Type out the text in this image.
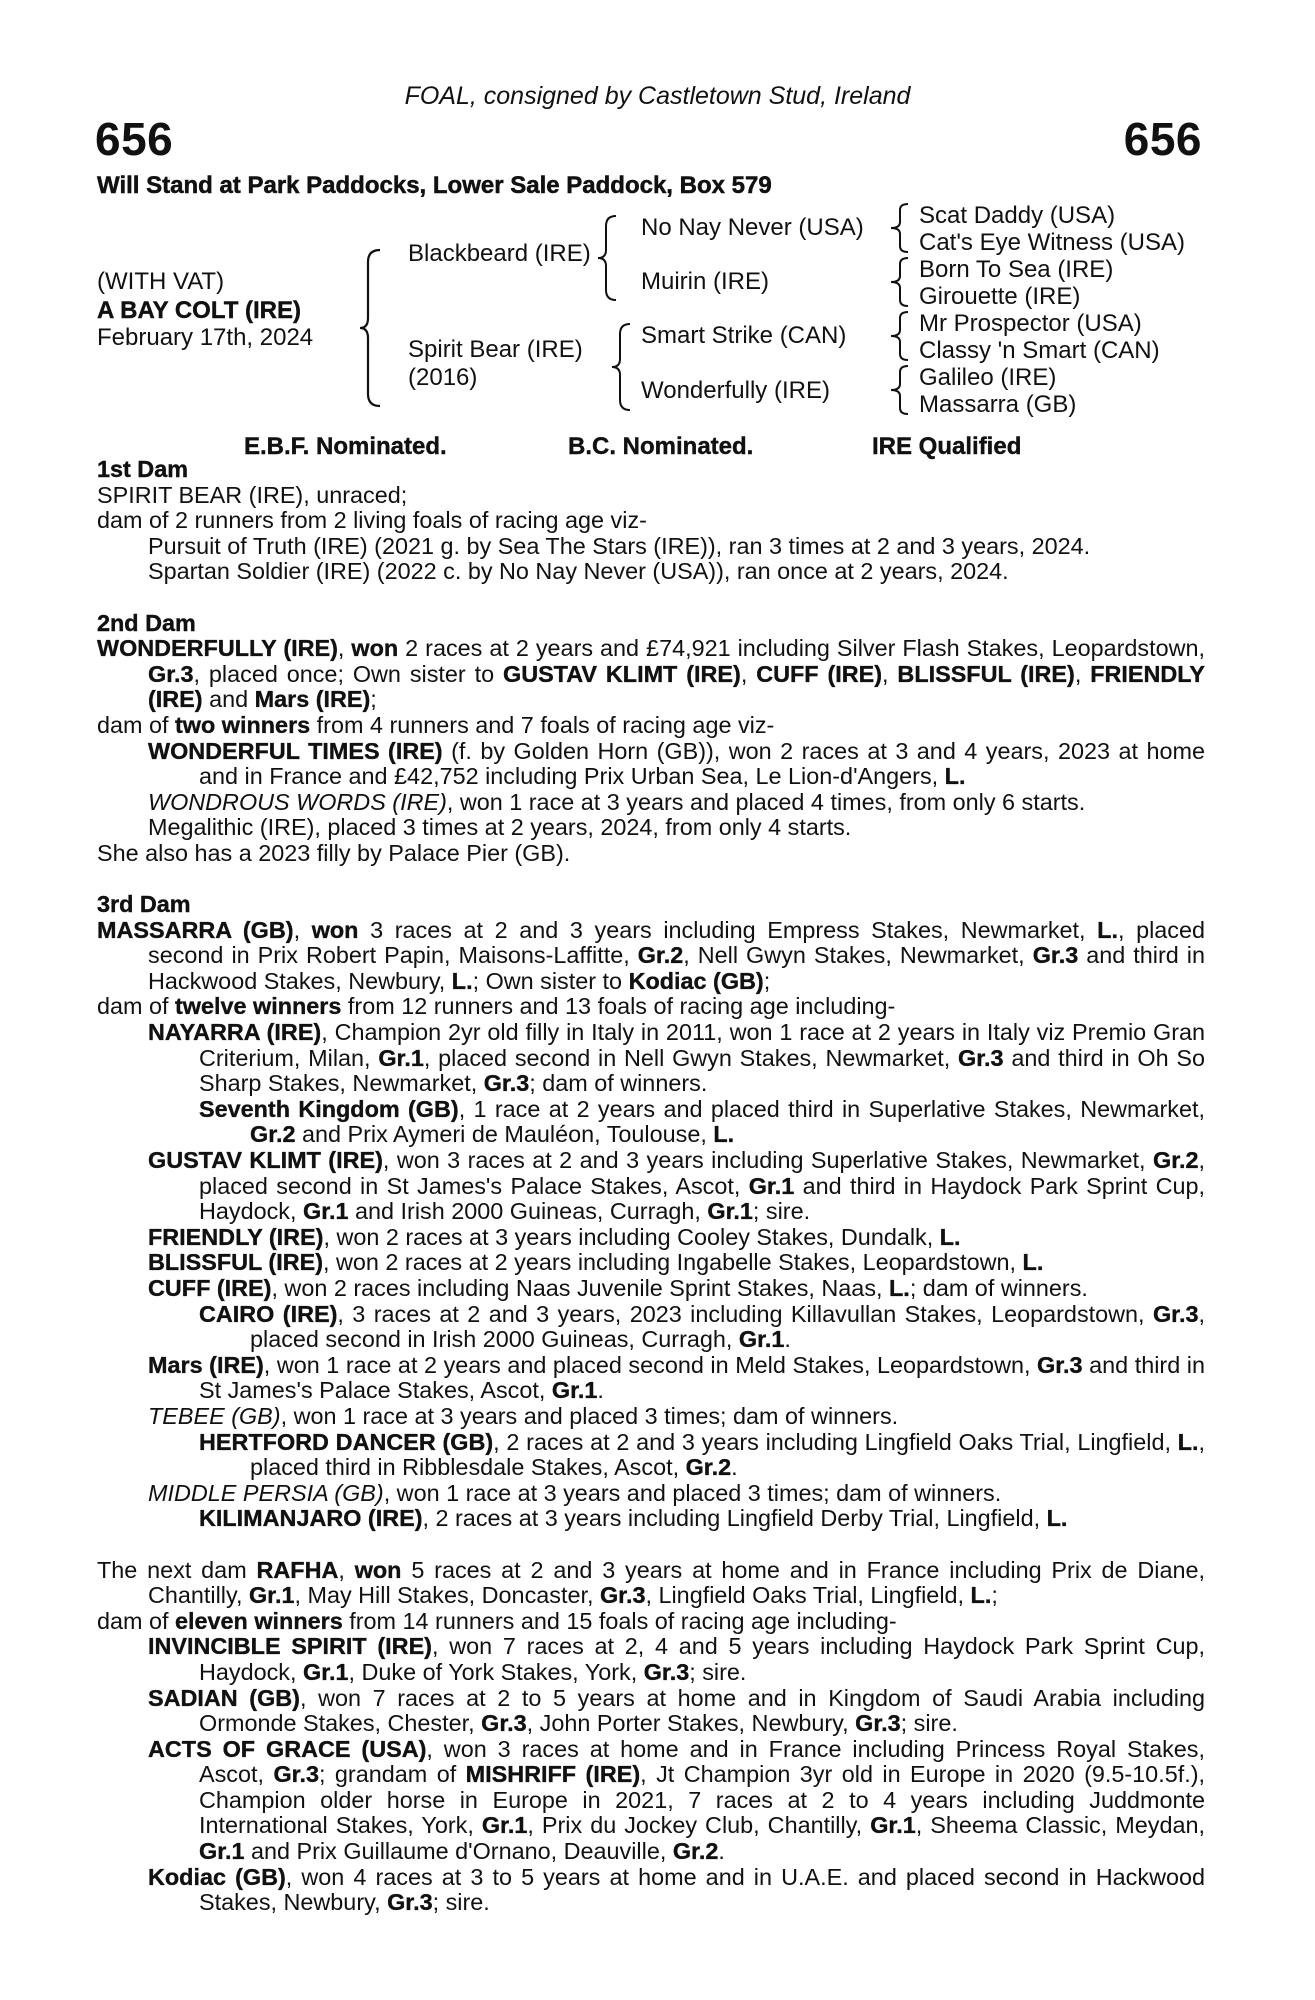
FOAL, consigned by Castletown Stud, Ireland
656	656
Will Stand at Park Paddocks, Lower Sale Paddock, Box 579
(WITH VAT)
A BAY COLT (IRE)
February 17th, 2024
Blackbeard (IRE)
Spirit Bear (IRE)
(2016)
No Nay Never (USA)
Muirin (IRE)
Smart Strike (CAN)
Wonderfully (IRE)
Scat Daddy (USA)
Cat's Eye Witness (USA)
Born To Sea (IRE)
Girouette (IRE)
Mr Prospector (USA)
Classy 'n Smart (CAN)
Galileo (IRE)
Massarra (GB)
E.B.F. Nominated.	B.C. Nominated.	IRE Qualified

1st Dam

SPIRIT BEAR (IRE), unraced;

dam of 2 runners from 2 living foals of racing age viz-

Pursuit of Truth (IRE) (2021 g. by Sea The Stars (IRE)), ran 3 times at 2 and 3 years, 2024.

Spartan Soldier (IRE) (2022 c. by No Nay Never (USA)), ran once at 2 years, 2024.

2nd Dam

WONDERFULLY (IRE), won 2 races at 2 years and £74,921 including Silver Flash Stakes, Leopardstown, Gr.3, placed once; Own sister to GUSTAV KLIMT (IRE), CUFF (IRE), BLISSFUL (IRE), FRIENDLY (IRE) and Mars (IRE);

dam of two winners from 4 runners and 7 foals of racing age viz-

WONDERFUL TIMES (IRE) (f. by Golden Horn (GB)), won 2 races at 3 and 4 years, 2023 at home and in France and £42,752 including Prix Urban Sea, Le Lion-d'Angers, L.

WONDROUS WORDS (IRE), won 1 race at 3 years and placed 4 times, from only 6 starts.

Megalithic (IRE), placed 3 times at 2 years, 2024, from only 4 starts.

She also has a 2023 filly by Palace Pier (GB).

3rd Dam

MASSARRA (GB), won 3 races at 2 and 3 years including Empress Stakes, Newmarket, L., placed second in Prix Robert Papin, Maisons-Laffitte, Gr.2, Nell Gwyn Stakes, Newmarket, Gr.3 and third in Hackwood Stakes, Newbury, L.; Own sister to Kodiac (GB);

dam of twelve winners from 12 runners and 13 foals of racing age including-

NAYARRA (IRE), Champion 2yr old filly in Italy in 2011, won 1 race at 2 years in Italy viz Premio Gran Criterium, Milan, Gr.1, placed second in Nell Gwyn Stakes, Newmarket, Gr.3 and third in Oh So Sharp Stakes, Newmarket, Gr.3; dam of winners.

Seventh Kingdom (GB), 1 race at 2 years and placed third in Superlative Stakes, Newmarket, Gr.2 and Prix Aymeri de Mauléon, Toulouse, L.

GUSTAV KLIMT (IRE), won 3 races at 2 and 3 years including Superlative Stakes, Newmarket, Gr.2, placed second in St James's Palace Stakes, Ascot, Gr.1 and third in Haydock Park Sprint Cup, Haydock, Gr.1 and Irish 2000 Guineas, Curragh, Gr.1; sire.

FRIENDLY (IRE), won 2 races at 3 years including Cooley Stakes, Dundalk, L.

BLISSFUL (IRE), won 2 races at 2 years including Ingabelle Stakes, Leopardstown, L.

CUFF (IRE), won 2 races including Naas Juvenile Sprint Stakes, Naas, L.; dam of winners.

CAIRO (IRE), 3 races at 2 and 3 years, 2023 including Killavullan Stakes, Leopardstown, Gr.3, placed second in Irish 2000 Guineas, Curragh, Gr.1.

Mars (IRE), won 1 race at 2 years and placed second in Meld Stakes, Leopardstown, Gr.3 and third in St James's Palace Stakes, Ascot, Gr.1.

TEBEE (GB), won 1 race at 3 years and placed 3 times; dam of winners.

HERTFORD DANCER (GB), 2 races at 2 and 3 years including Lingfield Oaks Trial, Lingfield, L., placed third in Ribblesdale Stakes, Ascot, Gr.2.

MIDDLE PERSIA (GB), won 1 race at 3 years and placed 3 times; dam of winners.

KILIMANJARO (IRE), 2 races at 3 years including Lingfield Derby Trial, Lingfield, L.

The next dam RAFHA, won 5 races at 2 and 3 years at home and in France including Prix de Diane, Chantilly, Gr.1, May Hill Stakes, Doncaster, Gr.3, Lingfield Oaks Trial, Lingfield, L.;

dam of eleven winners from 14 runners and 15 foals of racing age including-

INVINCIBLE SPIRIT (IRE), won 7 races at 2, 4 and 5 years including Haydock Park Sprint Cup, Haydock, Gr.1, Duke of York Stakes, York, Gr.3; sire.

SADIAN (GB), won 7 races at 2 to 5 years at home and in Kingdom of Saudi Arabia including Ormonde Stakes, Chester, Gr.3, John Porter Stakes, Newbury, Gr.3; sire.

ACTS OF GRACE (USA), won 3 races at home and in France including Princess Royal Stakes, Ascot, Gr.3; grandam of MISHRIFF (IRE), Jt Champion 3yr old in Europe in 2020 (9.5-10.5f.), Champion older horse in Europe in 2021, 7 races at 2 to 4 years including Juddmonte International Stakes, York, Gr.1, Prix du Jockey Club, Chantilly, Gr.1, Sheema Classic, Meydan, Gr.1 and Prix Guillaume d'Ornano, Deauville, Gr.2.

Kodiac (GB), won 4 races at 3 to 5 years at home and in U.A.E. and placed second in Hackwood Stakes, Newbury, Gr.3; sire.
